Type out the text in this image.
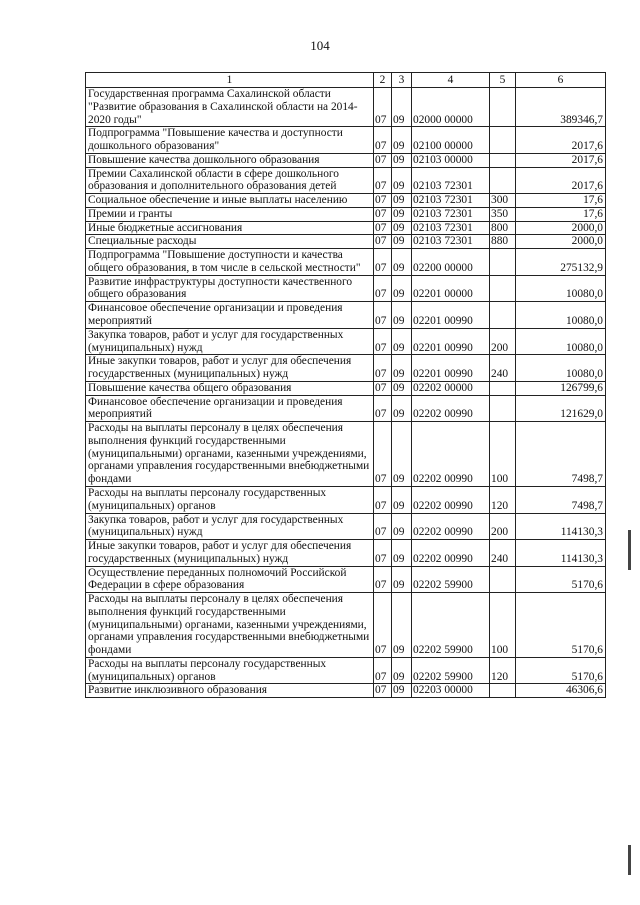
104
1	2	3	4	5	6
Государственная программа Сахалинской области "Развитие образования в Сахалинской области на 2014-2020 годы"	07	09	02000 00000		389346,7
Подпрограмма "Повышение качества и доступности дошкольного образования"	07	09	02100 00000		2017,6
Повышение качества дошкольного образования	07	09	02103 00000		2017,6
Премии Сахалинской области в сфере дошкольного образования и дополнительного образования детей	07	09	02103 72301		2017,6
Социальное обеспечение и иные выплаты населению	07	09	02103 72301	300	17,6
Премии и гранты	07	09	02103 72301	350	17,6
Иные бюджетные ассигнования	07	09	02103 72301	800	2000,0
Специальные расходы	07	09	02103 72301	880	2000,0
Подпрограмма "Повышение доступности и качества общего образования, в том числе в сельской местности"	07	09	02200 00000		275132,9
Развитие инфраструктуры доступности качественного общего образования	07	09	02201 00000		10080,0
Финансовое обеспечение организации и проведения мероприятий	07	09	02201 00990		10080,0
Закупка товаров, работ и услуг для государственных (муниципальных) нужд	07	09	02201 00990	200	10080,0
Иные закупки товаров, работ и услуг для обеспечения государственных (муниципальных) нужд	07	09	02201 00990	240	10080,0
Повышение качества общего образования	07	09	02202 00000		126799,6
Финансовое обеспечение организации и проведения мероприятий	07	09	02202 00990		121629,0
Расходы на выплаты персоналу в целях обеспечения выполнения функций государственными (муниципальными) органами, казенными учреждениями, органами управления государственными внебюджетными фондами	07	09	02202 00990	100	7498,7
Расходы на выплаты персоналу государственных (муниципальных) органов	07	09	02202 00990	120	7498,7
Закупка товаров, работ и услуг для государственных (муниципальных) нужд	07	09	02202 00990	200	114130,3
Иные закупки товаров, работ и услуг для обеспечения государственных (муниципальных) нужд	07	09	02202 00990	240	114130,3
Осуществление переданных полномочий Российской Федерации в сфере образования	07	09	02202 59900		5170,6
Расходы на выплаты персоналу в целях обеспечения выполнения функций государственными (муниципальными) органами, казенными учреждениями, органами управления государственными внебюджетными фондами	07	09	02202 59900	100	5170,6
Расходы на выплаты персоналу государственных (муниципальных) органов	07	09	02202 59900	120	5170,6
Развитие инклюзивного образования	07	09	02203 00000		46306,6
